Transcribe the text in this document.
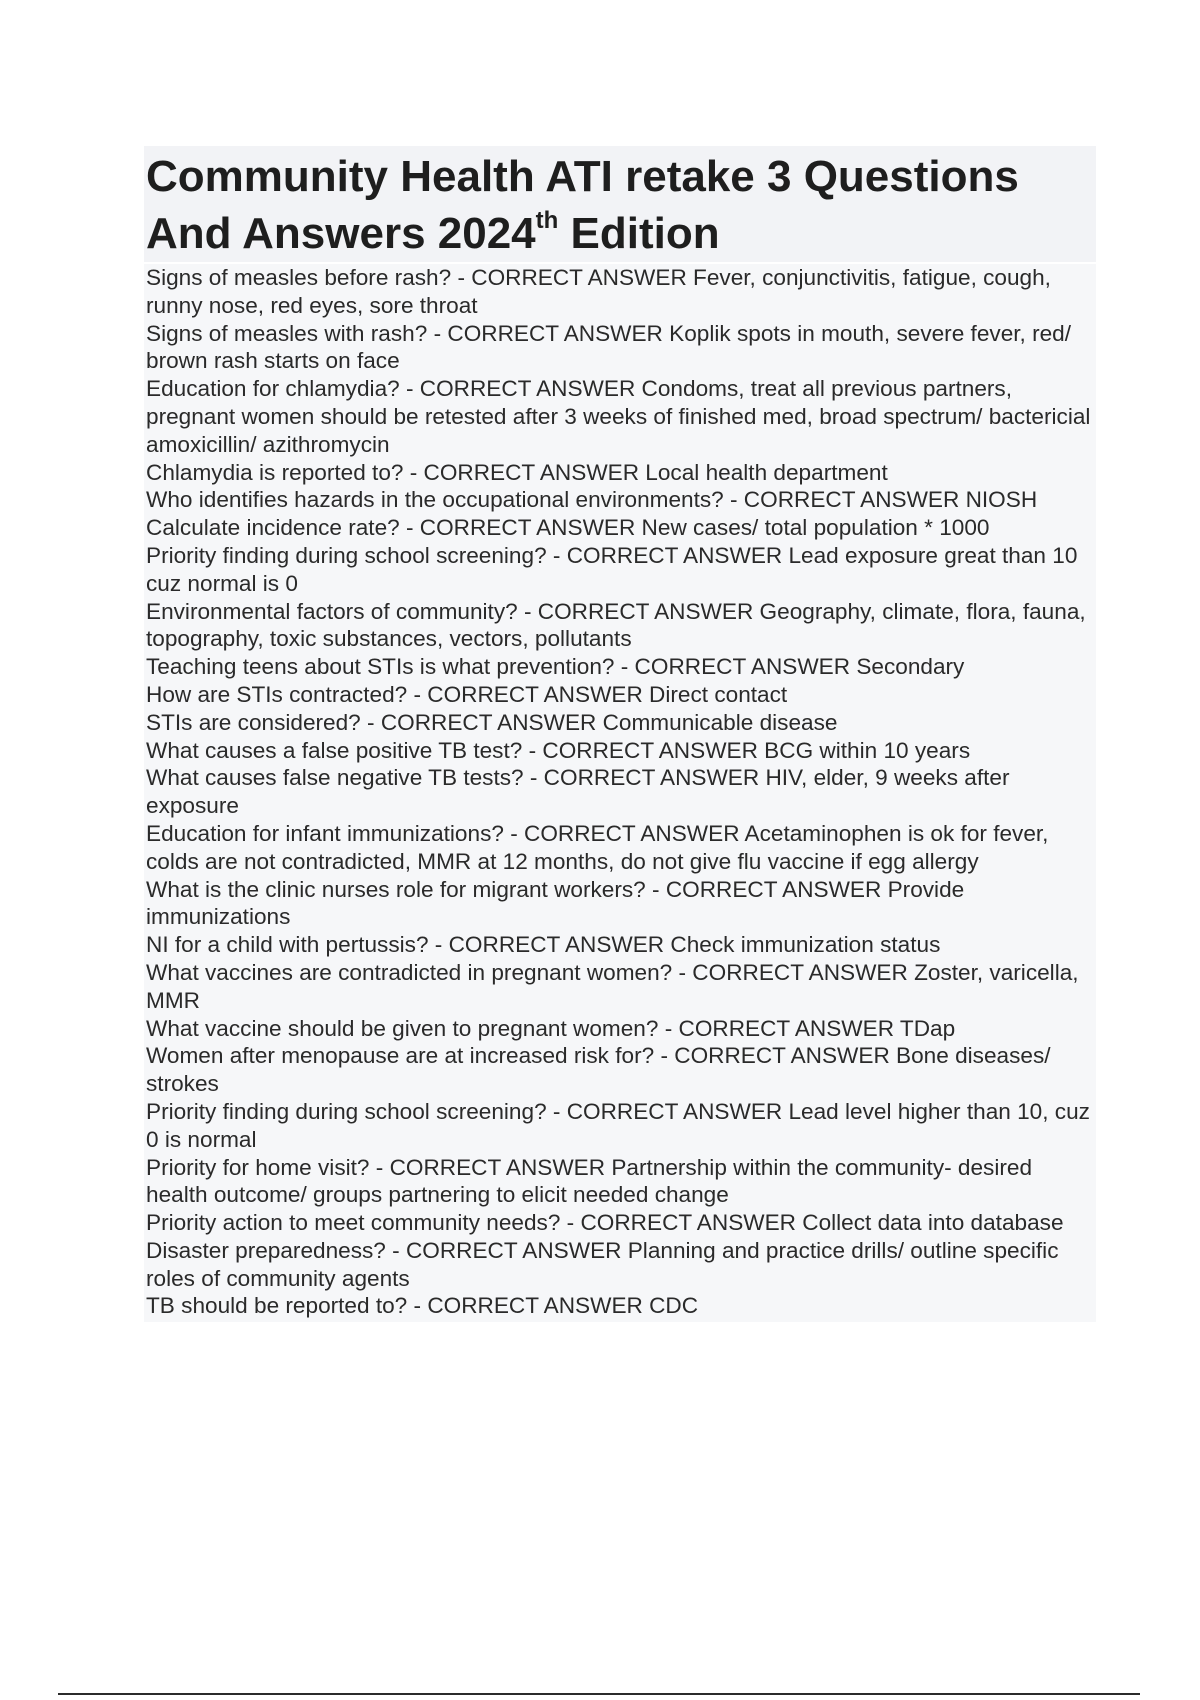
Community Health ATI retake 3 Questions And Answers 2024th Edition
Signs of measles before rash? - CORRECT ANSWER Fever, conjunctivitis, fatigue, cough, runny nose, red eyes, sore throat
Signs of measles with rash? - CORRECT ANSWER Koplik spots in mouth, severe fever, red/ brown rash starts on face
Education for chlamydia? - CORRECT ANSWER Condoms, treat all previous partners, pregnant women should be retested after 3 weeks of finished med, broad spectrum/ bactericial amoxicillin/ azithromycin
Chlamydia is reported to? - CORRECT ANSWER Local health department
Who identifies hazards in the occupational environments? - CORRECT ANSWER NIOSH
Calculate incidence rate? - CORRECT ANSWER New cases/ total population * 1000
Priority finding during school screening? - CORRECT ANSWER Lead exposure great than 10 cuz normal is 0
Environmental factors of community? - CORRECT ANSWER Geography, climate, flora, fauna, topography, toxic substances, vectors, pollutants
Teaching teens about STIs is what prevention? - CORRECT ANSWER Secondary
How are STIs contracted? - CORRECT ANSWER Direct contact
STIs are considered? - CORRECT ANSWER Communicable disease
What causes a false positive TB test? - CORRECT ANSWER BCG within 10 years
What causes false negative TB tests? - CORRECT ANSWER HIV, elder, 9 weeks after exposure
Education for infant immunizations? - CORRECT ANSWER Acetaminophen is ok for fever, colds are not contradicted, MMR at 12 months, do not give flu vaccine if egg allergy
What is the clinic nurses role for migrant workers? - CORRECT ANSWER Provide immunizations
NI for a child with pertussis? - CORRECT ANSWER Check immunization status
What vaccines are contradicted in pregnant women? - CORRECT ANSWER Zoster, varicella, MMR
What vaccine should be given to pregnant women? - CORRECT ANSWER TDap
Women after menopause are at increased risk for? - CORRECT ANSWER Bone diseases/ strokes
Priority finding during school screening? - CORRECT ANSWER Lead level higher than 10, cuz 0 is normal
Priority for home visit? - CORRECT ANSWER Partnership within the community- desired health outcome/ groups partnering to elicit needed change
Priority action to meet community needs? - CORRECT ANSWER Collect data into database
Disaster preparedness? - CORRECT ANSWER Planning and practice drills/ outline specific roles of community agents
TB should be reported to? - CORRECT ANSWER CDC
